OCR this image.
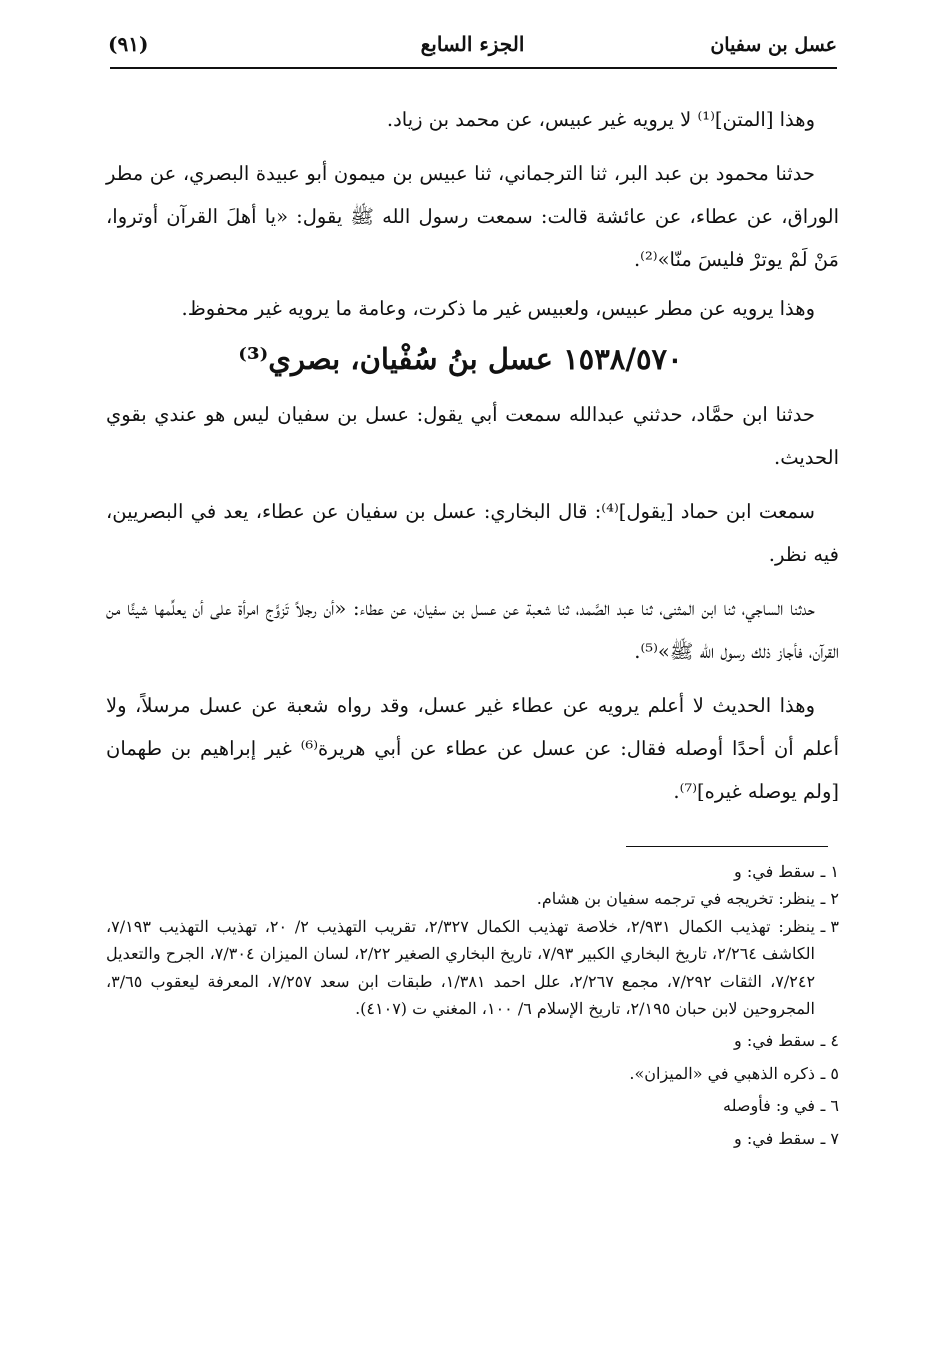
عسل بن سفيان
الجزء السابع
(٩١)

وهذا [المتن]⁽¹⁾ لا يرويه غير عبيس، عن محمد بن زياد.

حدثنا محمود بن عبد البر، ثنا الترجماني، ثنا عبيس بن ميمون أبو عبيدة البصري، عن مطر الوراق، عن عطاء، عن عائشة قالت: سمعت رسول الله ﷺ يقول: «يا أهلَ القرآن أوتروا، مَنْ لَمْ يوترْ فليسَ منّا»⁽²⁾.

وهذا يرويه عن مطر عبيس، ولعبيس غير ما ذكرت، وعامة ما يرويه غير محفوظ.

١٥٣٨/٥٧٠ عسل بنُ سُفْيان، بصري⁽³⁾

حدثنا ابن حمَّاد، حدثني عبدالله سمعت أبي يقول: عسل بن سفيان ليس هو عندي بقوي الحديث.

سمعت ابن حماد [يقول]⁽⁴⁾: قال البخاري: عسل بن سفيان عن عطاء، يعد في البصريين، فيه نظر.

حدثنا الساجي، ثنا ابن المثنى، ثنا عبد الصَّمد، ثنا شعبة عن عسل بن سفيان، عن عطاء: «أن رجلاً تَزوَّج امرأة على أن يعلِّمها شيئًا من القرآن، فأجاز ذلك رسول الله ﷺ»⁽⁵⁾.

وهذا الحديث لا أعلم يرويه عن عطاء غير عسل، وقد رواه شعبة عن عسل مرسلاً، ولا أعلم أن أحدًا أوصله فقال: عن عسل عن عطاء عن أبي هريرة⁽⁶⁾ غير إبراهيم بن طهمان [ولم يوصله غيره]⁽⁷⁾.

١ ـسقط في: و

٢ ـينظر: تخريجه في ترجمه سفيان بن هشام.

٣ ـينظر: تهذيب الكمال ٢/٩٣١، خلاصة تهذيب الكمال ٢/٣٢٧، تقريب التهذيب ٢/ ٢٠، تهذيب التهذيب ٧/١٩٣، الكاشف ٢/٢٦٤، تاريخ البخاري الكبير ٧/٩٣، تاريخ البخاري الصغير ٢/٢٢، لسان الميزان ٧/٣٠٤، الجرح والتعديل ٧/٢٤٢، الثقات ٧/٢٩٢، مجمع ٢/٢٦٧، علل احمد ١/٣٨١، طبقات ابن سعد ٧/٢٥٧، المعرفة ليعقوب ٣/٦٥، المجروحين لابن حبان ٢/١٩٥، تاريخ الإسلام ٦/ ١٠٠، المغني ت (٤١٠٧).

٤ ـسقط في: و

٥ ـذكره الذهبي في «الميزان».

٦ ـفي و: فأوصله

٧ ـسقط في: و
